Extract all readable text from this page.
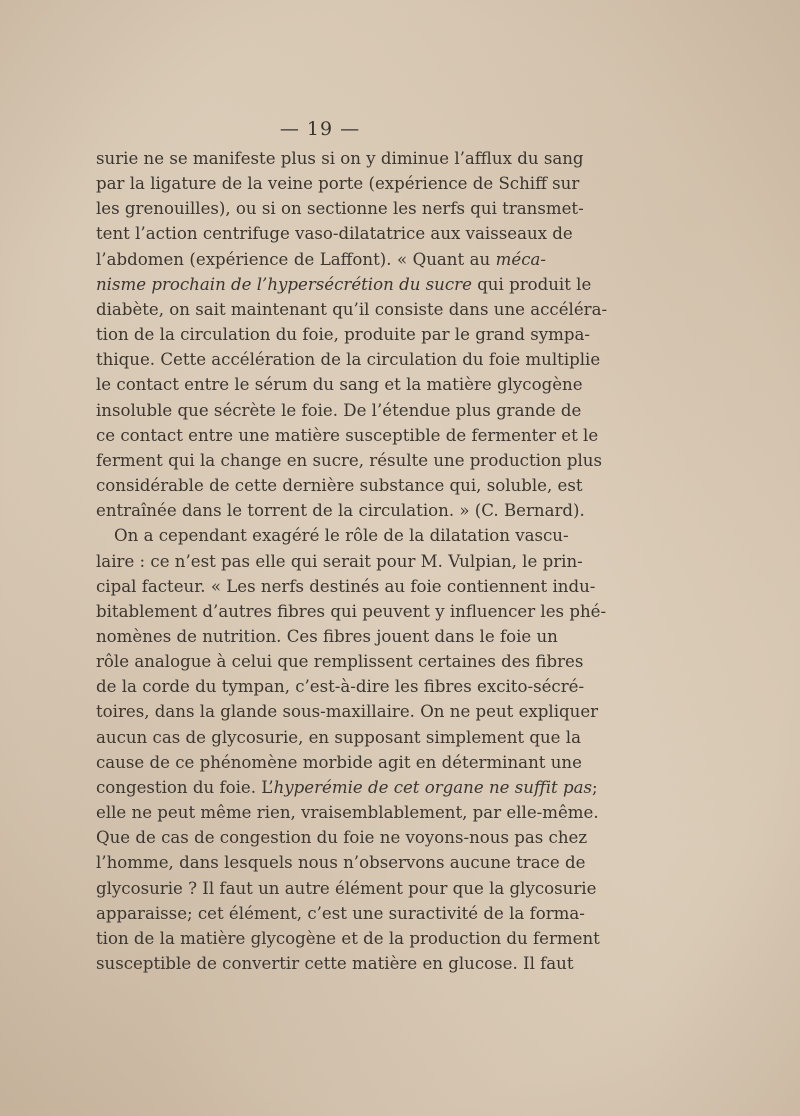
— 19 —
surie ne se manifeste plus si on y diminue l’afflux du sang
par la ligature de la veine porte (expérience de Schiff sur
les grenouilles), ou si on sectionne les nerfs qui transmet-
tent l’action centrifuge vaso-dilatatrice aux vaisseaux de
l’abdomen (expérience de Laffont). « Quant au méca-
nisme prochain de l’hypersécrétion du sucre qui produit le
diabète, on sait maintenant qu’il consiste dans une accéléra-
tion de la circulation du foie, produite par le grand sympa-
thique. Cette accélération de la circulation du foie multiplie
le contact entre le sérum du sang et la matière glycogène
insoluble que sécrète le foie. De l’étendue plus grande de
ce contact entre une matière susceptible de fermenter et le
ferment qui la change en sucre, résulte une production plus
considérable de cette dernière substance qui, soluble, est
entraînée dans le torrent de la circulation. » (C. Bernard).
On a cependant exagéré le rôle de la dilatation vascu-
laire : ce n’est pas elle qui serait pour M. Vulpian, le prin-
cipal facteur. « Les nerfs destinés au foie contiennent indu-
bitablement d’autres fibres qui peuvent y influencer les phé-
nomènes de nutrition. Ces fibres jouent dans le foie un
rôle analogue à celui que remplissent certaines des fibres
de la corde du tympan, c’est-à-dire les fibres excito-sécré-
toires, dans la glande sous-maxillaire. On ne peut expliquer
aucun cas de glycosurie, en supposant simplement que la
cause de ce phénomène morbide agit en déterminant une
congestion du foie. L’hyperémie de cet organe ne suffit pas;
elle ne peut même rien, vraisemblablement, par elle-même.
Que de cas de congestion du foie ne voyons-nous pas chez
l’homme, dans lesquels nous n’observons aucune trace de
glycosurie ? Il faut un autre élément pour que la glycosurie
apparaisse; cet élément, c’est une suractivité de la forma-
tion de la matière glycogène et de la production du ferment
susceptible de convertir cette matière en glucose. Il faut
